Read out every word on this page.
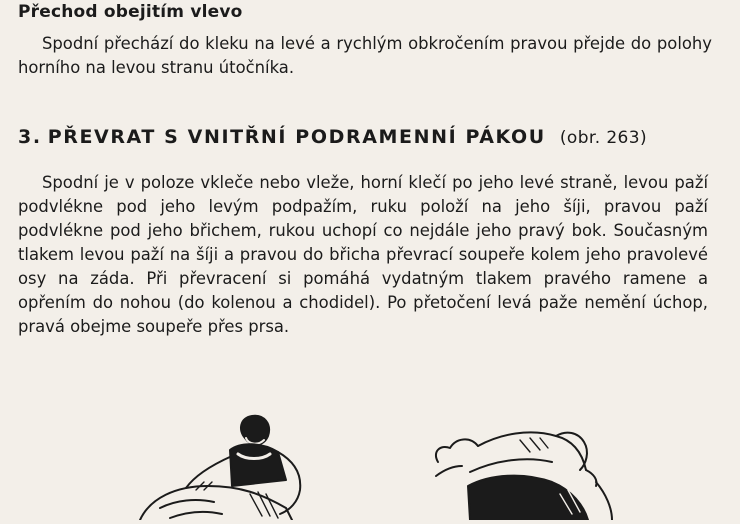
Přechod obejitím vlevo
Spodní přechází do kleku na levé a rychlým obkročením pravou přejde do polohy horního na levou stranu útočníka.
3. PŘEVRAT S VNITŘNÍ PODRAMENNÍ PÁKOU (obr. 263)
Spodní je v poloze vkleče nebo vleže, horní klečí po jeho levé straně, levou paží podvlékne pod jeho levým podpažím, ruku položí na jeho šíji, pravou paží podvlékne pod jeho břichem, rukou uchopí co nejdále jeho pravý bok. Současným tlakem levou paží na šíji a pravou do břicha převrací soupeře kolem jeho pravolevé osy na záda. Při převracení si pomáhá vydatným tlakem pravého ramene a opřením do nohou (do kolenou a chodidel). Po přetočení levá paže nemění úchop, pravá obejme soupeře přes prsa.
